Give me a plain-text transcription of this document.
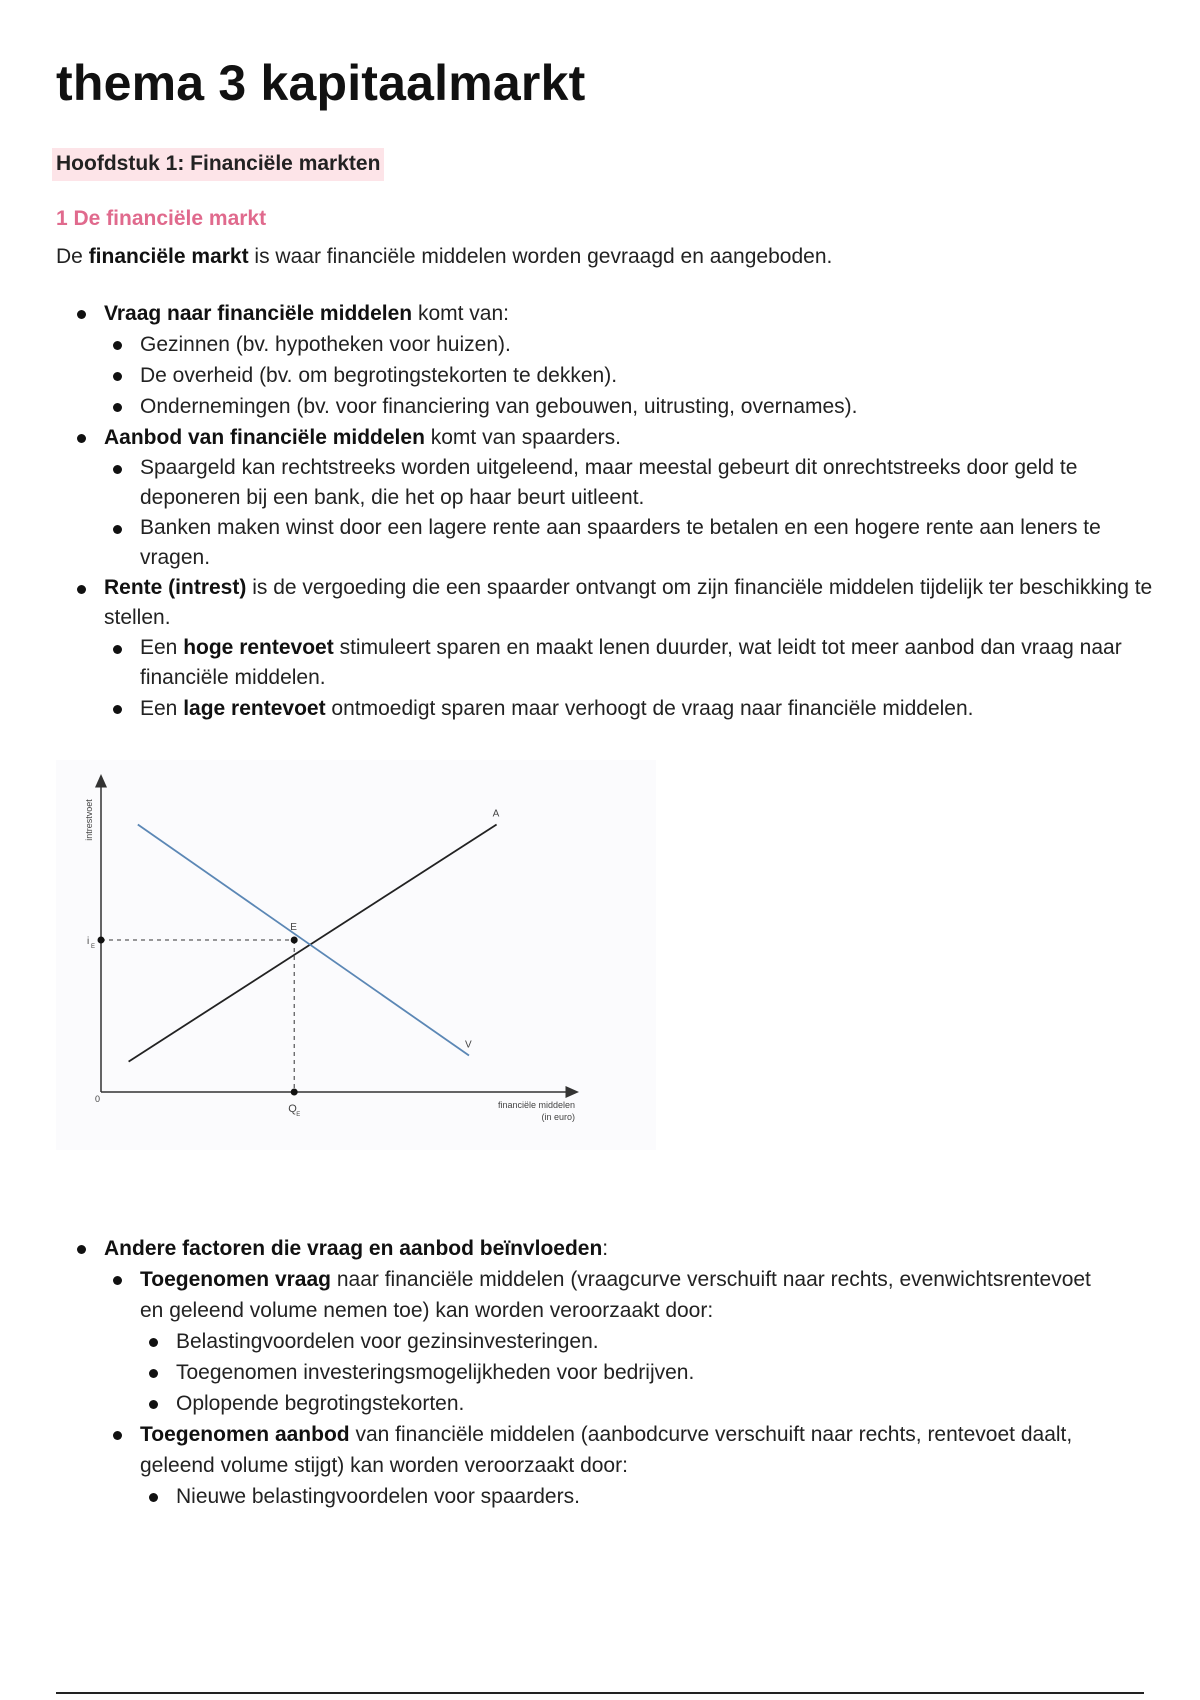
thema 3 kapitaalmarkt
Hoofdstuk 1: Financiële markten
1 De financiële markt
De financiële markt is waar financiële middelen worden gevraagd en aangeboden.
Vraag naar financiële middelen komt van:
Gezinnen (bv. hypotheken voor huizen).
De overheid (bv. om begrotingstekorten te dekken).
Ondernemingen (bv. voor financiering van gebouwen, uitrusting, overnames).
Aanbod van financiële middelen komt van spaarders.
Spaargeld kan rechtstreeks worden uitgeleend, maar meestal gebeurt dit onrechtstreeks door geld te deponeren bij een bank, die het op haar beurt uitleent.
Banken maken winst door een lagere rente aan spaarders te betalen en een hogere rente aan leners te vragen.
Rente (intrest) is de vergoeding die een spaarder ontvangt om zijn financiële middelen tijdelijk ter beschikking te stellen.
Een hoge rentevoet stimuleert sparen en maakt lenen duurder, wat leidt tot meer aanbod dan vraag naar financiële middelen.
Een lage rentevoet ontmoedigt sparen maar verhoogt de vraag naar financiële middelen.
A
V
E
i E
Q E
0
intrestvoet
financiële middelen
(in euro)
Andere factoren die vraag en aanbod beïnvloeden:
Toegenomen vraag naar financiële middelen (vraagcurve verschuift naar rechts, evenwichtsrentevoet en geleend volume nemen toe) kan worden veroorzaakt door:
Belastingvoordelen voor gezinsinvesteringen.
Toegenomen investeringsmogelijkheden voor bedrijven.
Oplopende begrotingstekorten.
Toegenomen aanbod van financiële middelen (aanbodcurve verschuift naar rechts, rentevoet daalt, geleend volume stijgt) kan worden veroorzaakt door:
Nieuwe belastingvoordelen voor spaarders.
